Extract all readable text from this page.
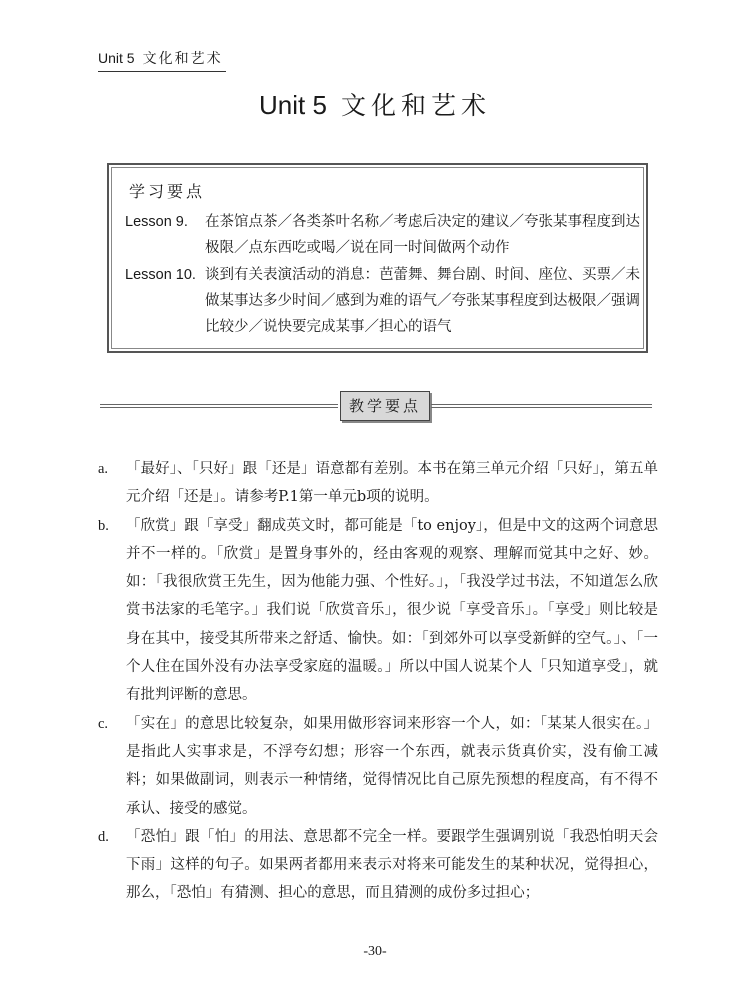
Unit 5 文化和艺术
Unit 5 文化和艺术
学习要点
Lesson 9. 在茶馆点茶／各类茶叶名称／考虑后决定的建议／夸张某事程度到达极限／点东西吃或喝／说在同一时间做两个动作
Lesson 10. 谈到有关表演活动的消息：芭蕾舞、舞台剧、时间、座位、买票／未做某事达多少时间／感到为难的语气／夸张某事程度到达极限／强调比较少／说快要完成某事／担心的语气
教学要点
a. 「最好」、「只好」跟「还是」语意都有差别。本书在第三单元介绍「只好」，第五单元介绍「还是」。请参考P.1第一单元b项的说明。
b. 「欣赏」跟「享受」翻成英文时，都可能是「to enjoy」，但是中文的这两个词意思并不一样的。「欣赏」是置身事外的，经由客观的观察、理解而觉其中之好、妙。如：「我很欣赏王先生，因为他能力强、个性好。」，「我没学过书法，不知道怎么欣赏书法家的毛笔字。」我们说「欣赏音乐」，很少说「享受音乐」。「享受」则比较是身在其中，接受其所带来之舒适、愉快。如：「到郊外可以享受新鲜的空气。」、「一个人住在国外没有办法享受家庭的温暖。」所以中国人说某个人「只知道享受」，就有批判评断的意思。
c. 「实在」的意思比较复杂，如果用做形容词来形容一个人，如：「某某人很实在。」是指此人实事求是，不浮夸幻想；形容一个东西，就表示货真价实，没有偷工减料；如果做副词，则表示一种情绪，觉得情况比自己原先预想的程度高，有不得不承认、接受的感觉。
d. 「恐怕」跟「怕」的用法、意思都不完全一样。要跟学生强调别说「我恐怕明天会下雨」这样的句子。如果两者都用来表示对将来可能发生的某种状况，觉得担心，那么，「恐怕」有猜测、担心的意思，而且猜测的成份多过担心；
-30-
